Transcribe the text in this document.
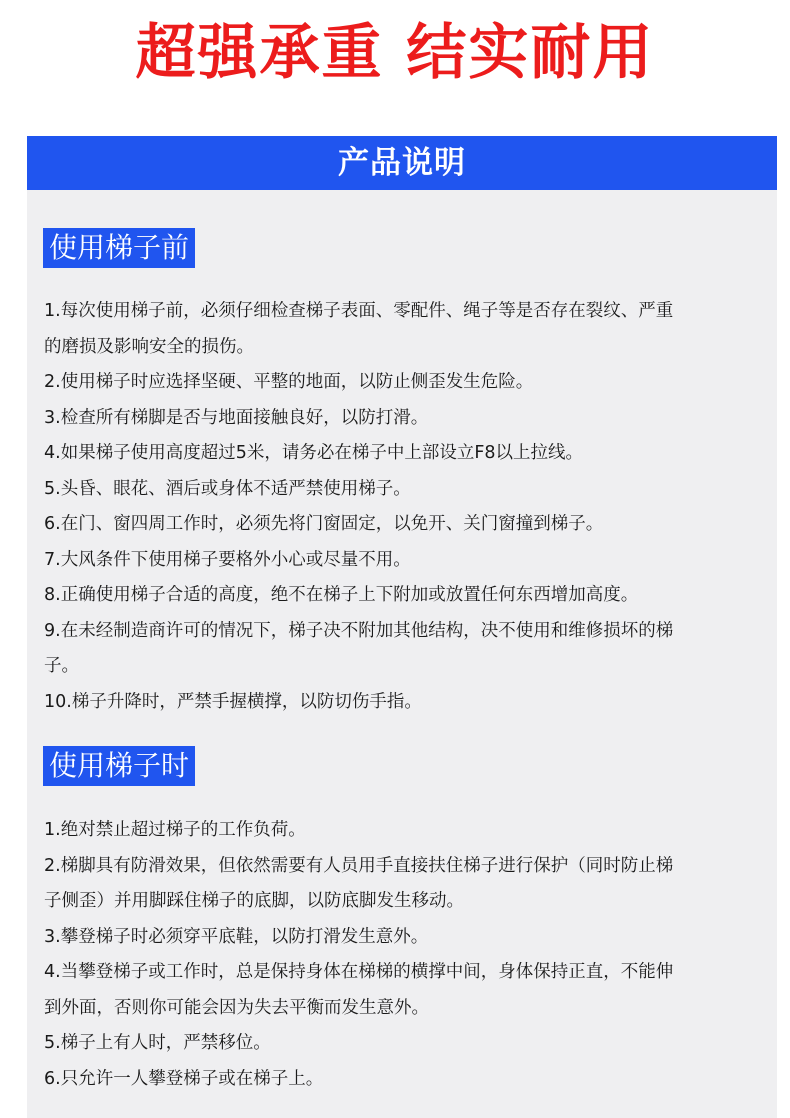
超强承重 结实耐用
产品说明
使用梯子前
1.每次使用梯子前，必须仔细检查梯子表面、零配件、绳子等是否存在裂纹、严重
的磨损及影响安全的损伤。
2.使用梯子时应选择坚硬、平整的地面，以防止侧歪发生危险。
3.检查所有梯脚是否与地面接触良好，以防打滑。
4.如果梯子使用高度超过5米，请务必在梯子中上部设立F8以上拉线。
5.头昏、眼花、酒后或身体不适严禁使用梯子。
6.在门、窗四周工作时，必须先将门窗固定，以免开、关门窗撞到梯子。
7.大风条件下使用梯子要格外小心或尽量不用。
8.正确使用梯子合适的高度，绝不在梯子上下附加或放置任何东西增加高度。
9.在未经制造商许可的情况下，梯子决不附加其他结构，决不使用和维修损坏的梯
子。
10.梯子升降时，严禁手握横撑，以防切伤手指。
使用梯子时
1.绝对禁止超过梯子的工作负荷。
2.梯脚具有防滑效果，但依然需要有人员用手直接扶住梯子进行保护（同时防止梯
子侧歪）并用脚踩住梯子的底脚，以防底脚发生移动。
3.攀登梯子时必须穿平底鞋，以防打滑发生意外。
4.当攀登梯子或工作时，总是保持身体在梯梯的横撑中间，身体保持正直，不能伸
到外面，否则你可能会因为失去平衡而发生意外。
5.梯子上有人时，严禁移位。
6.只允许一人攀登梯子或在梯子上。
